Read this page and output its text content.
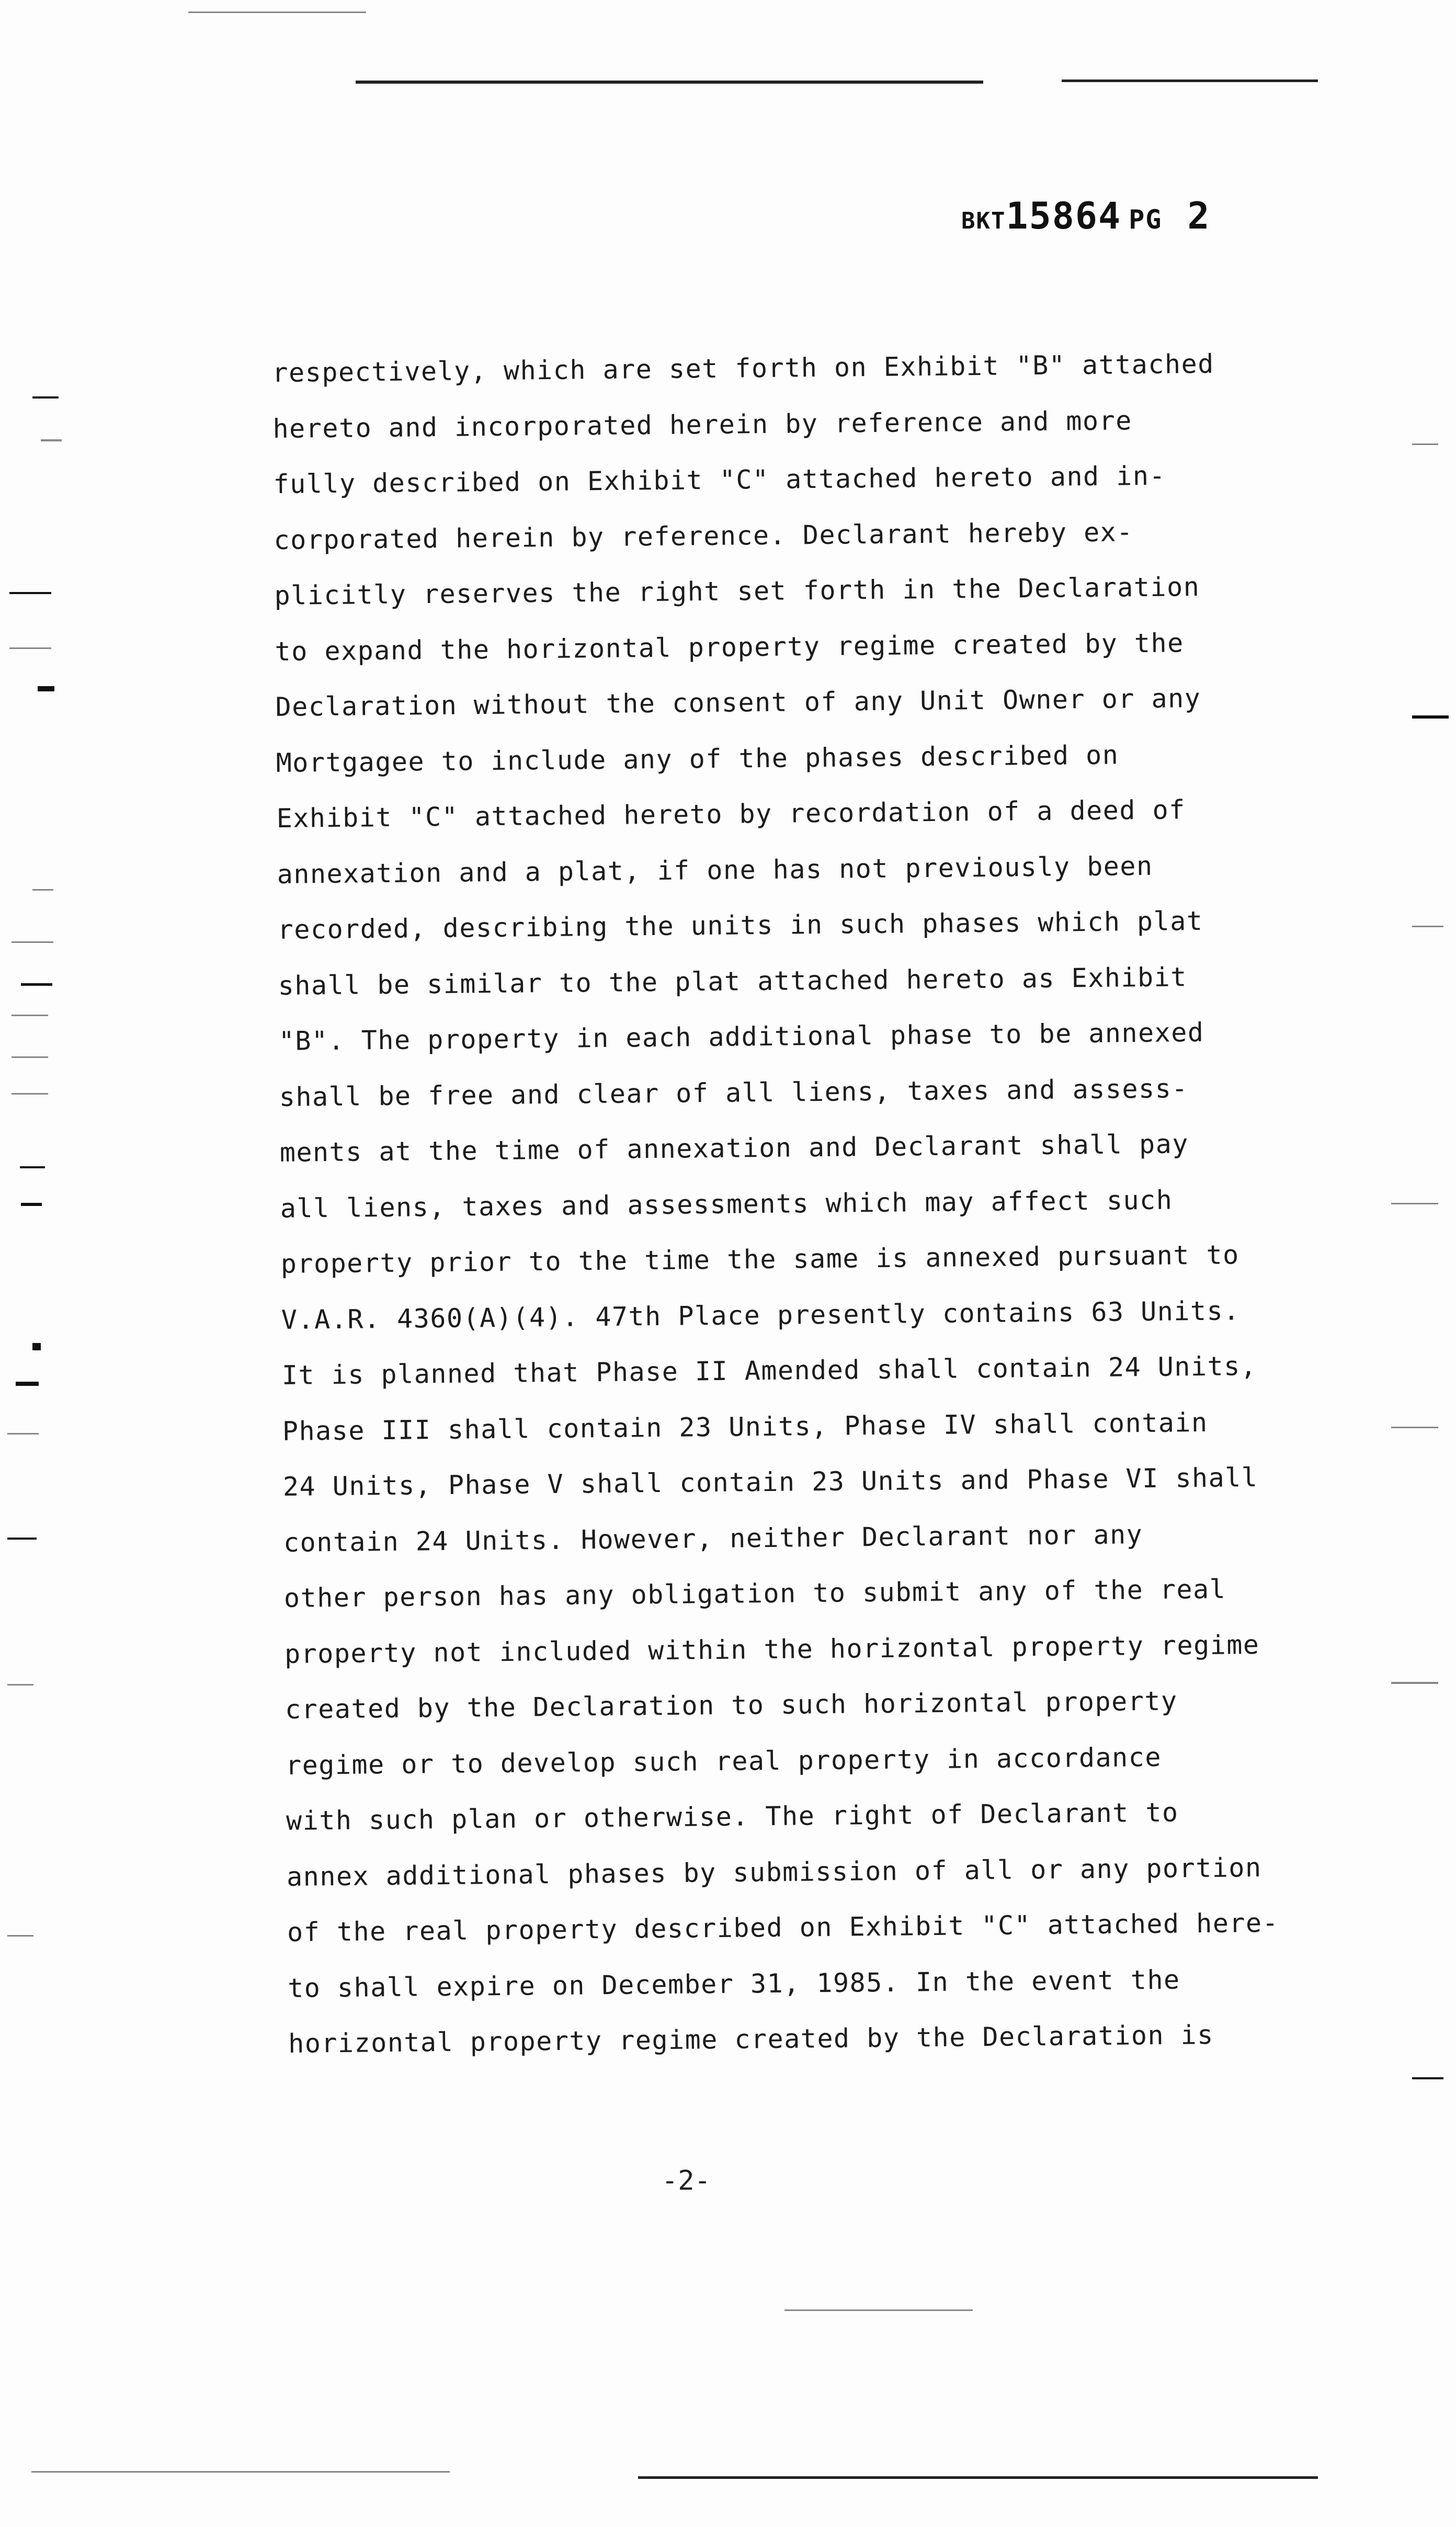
BKT15864 PG 2
respectively, which are set forth on Exhibit "B" attached
hereto and incorporated herein by reference and more
fully described on Exhibit "C" attached hereto and in-
corporated herein by reference. Declarant hereby ex-
plicitly reserves the right set forth in the Declaration
to expand the horizontal property regime created by the
Declaration without the consent of any Unit Owner or any
Mortgagee to include any of the phases described on
Exhibit "C" attached hereto by recordation of a deed of
annexation and a plat, if one has not previously been
recorded, describing the units in such phases which plat
shall be similar to the plat attached hereto as Exhibit
"B". The property in each additional phase to be annexed
shall be free and clear of all liens, taxes and assess-
ments at the time of annexation and Declarant shall pay
all liens, taxes and assessments which may affect such
property prior to the time the same is annexed pursuant to
V.A.R. 4360(A)(4). 47th Place presently contains 63 Units.
It is planned that Phase II Amended shall contain 24 Units,
Phase III shall contain 23 Units, Phase IV shall contain
24 Units, Phase V shall contain 23 Units and Phase VI shall
contain 24 Units. However, neither Declarant nor any
other person has any obligation to submit any of the real
property not included within the horizontal property regime
created by the Declaration to such horizontal property
regime or to develop such real property in accordance
with such plan or otherwise. The right of Declarant to
annex additional phases by submission of all or any portion
of the real property described on Exhibit "C" attached here-
to shall expire on December 31, 1985. In the event the
horizontal property regime created by the Declaration is
-2-
